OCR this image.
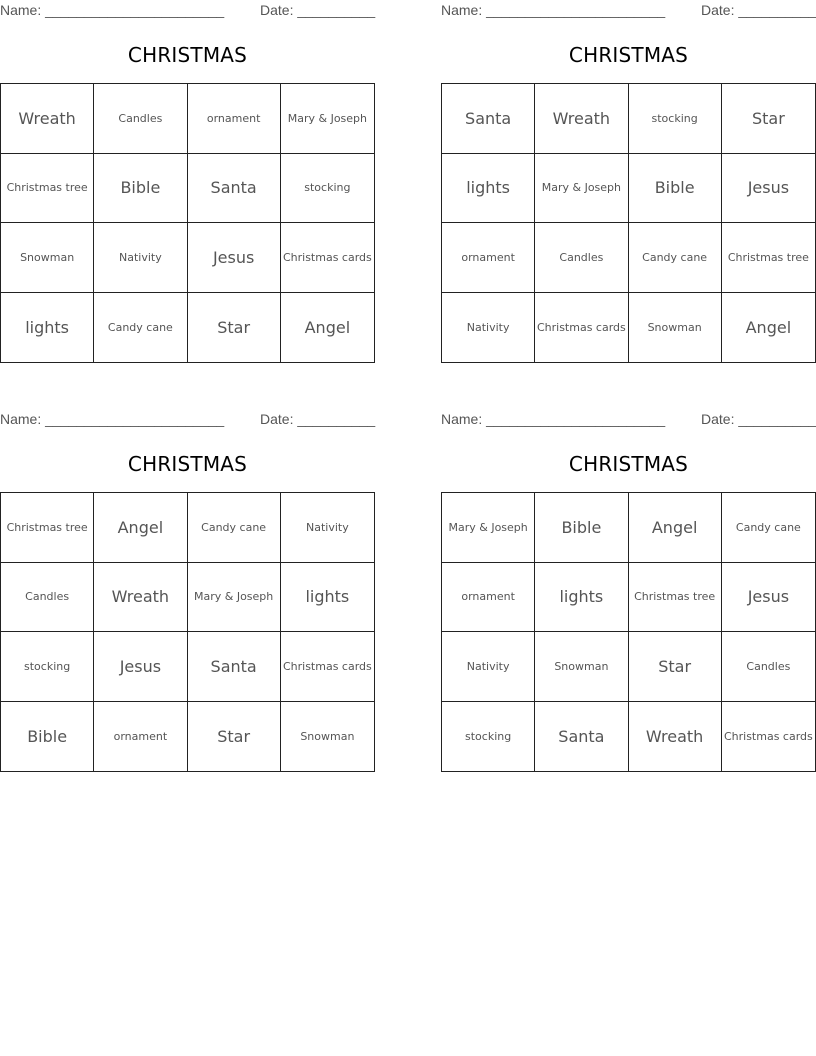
Name: _______________________	Date: __________
CHRISTMAS
Wreath	Candles	ornament	Mary & Joseph
Christmas tree	Bible	Santa	stocking
Snowman	Nativity	Jesus	Christmas cards
lights	Candy cane	Star	Angel
Name: _______________________	Date: __________
CHRISTMAS
Santa	Wreath	stocking	Star
lights	Mary & Joseph	Bible	Jesus
ornament	Candles	Candy cane	Christmas tree
Nativity	Christmas cards	Snowman	Angel
Name: _______________________	Date: __________
CHRISTMAS
Christmas tree	Angel	Candy cane	Nativity
Candles	Wreath	Mary & Joseph	lights
stocking	Jesus	Santa	Christmas cards
Bible	ornament	Star	Snowman
Name: _______________________	Date: __________
CHRISTMAS
Mary & Joseph	Bible	Angel	Candy cane
ornament	lights	Christmas tree	Jesus
Nativity	Snowman	Star	Candles
stocking	Santa	Wreath	Christmas cards
